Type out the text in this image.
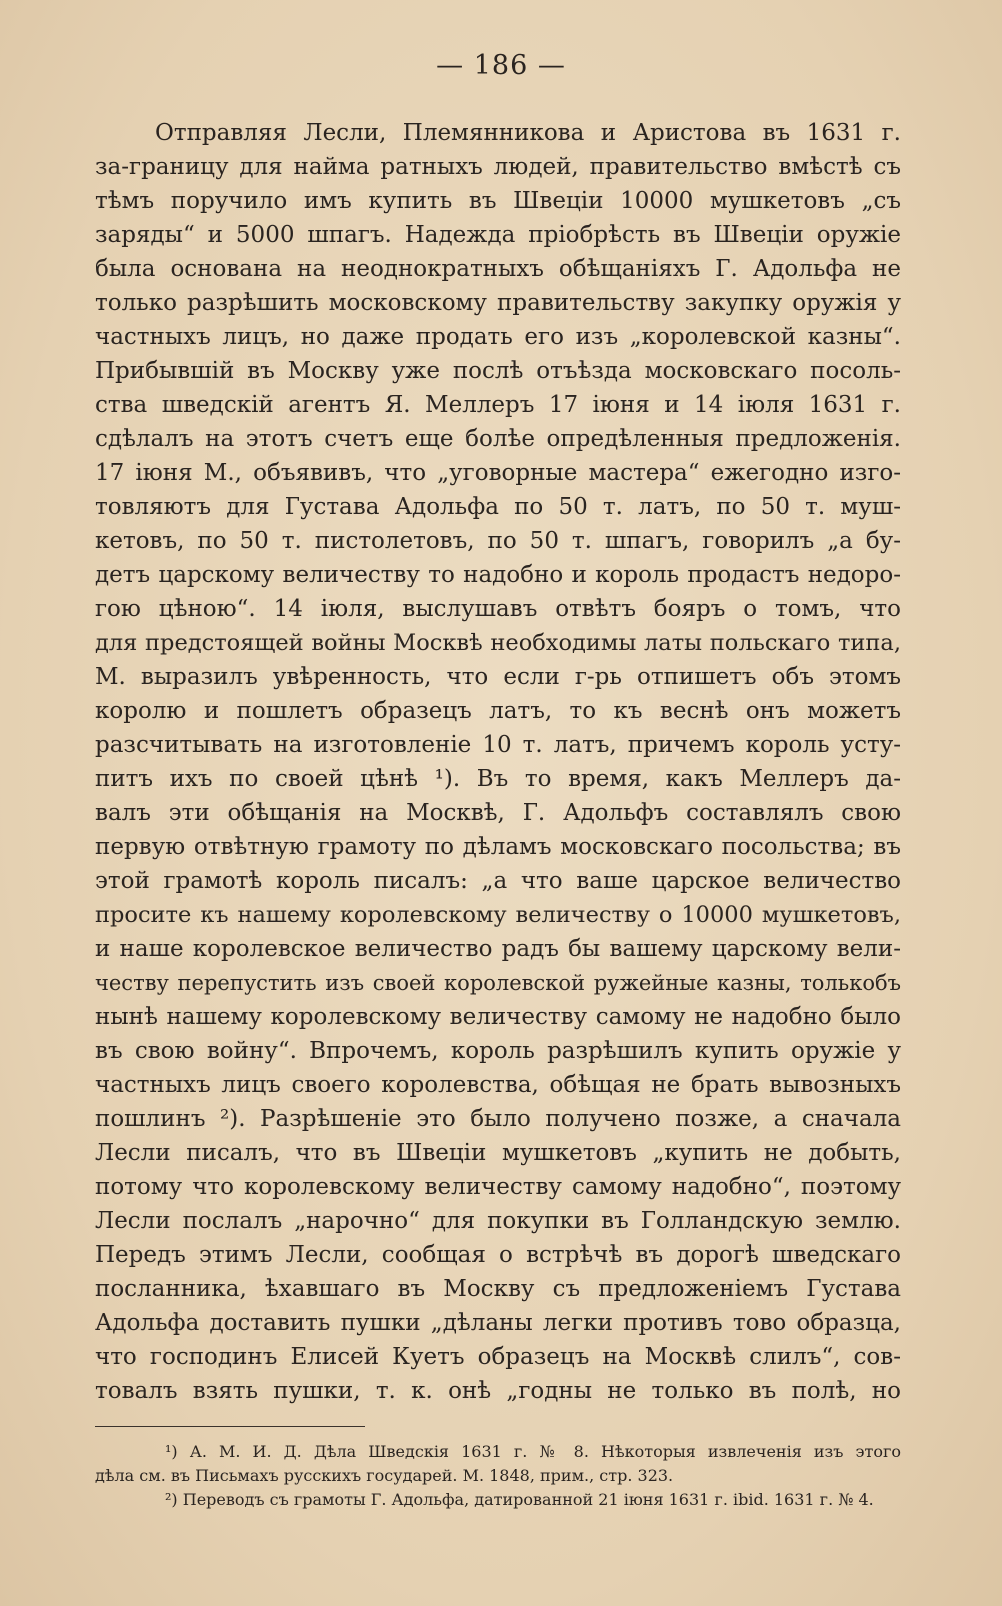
— 186 —
Отправляя Лесли, Племянникова и Аристова въ 1631 г.
за-границу для найма ратныхъ людей, правительство вмѣстѣ съ
тѣмъ поручило имъ купить въ Швеціи 10000 мушкетовъ „съ
заряды“ и 5000 шпагъ. Надежда пріобрѣсть въ Швеціи оружіе
была основана на неоднократныхъ обѣщаніяхъ Г. Адольфа не
только разрѣшить московскому правительству закупку оружія у
частныхъ лицъ, но даже продать его изъ „королевской казны“.
Прибывшій въ Москву уже послѣ отъѣзда московскаго посоль-
ства шведскій агентъ Я. Меллеръ 17 іюня и 14 іюля 1631 г.
сдѣлалъ на этотъ счетъ еще болѣе опредѣленныя предложенія.
17 іюня М., объявивъ, что „уговорные мастера“ ежегодно изго-
товляютъ для Густава Адольфа по 50 т. латъ, по 50 т. муш-
кетовъ, по 50 т. пистолетовъ, по 50 т. шпагъ, говорилъ „а бу-
детъ царскому величеству то надобно и король продастъ недоро-
гою цѣною“. 14 іюля, выслушавъ отвѣтъ бояръ о томъ, что
для предстоящей войны Москвѣ необходимы латы польскаго типа,
М. выразилъ увѣренность, что если г-рь отпишетъ объ этомъ
королю и пошлетъ образецъ латъ, то къ веснѣ онъ можетъ
разсчитывать на изготовленіе 10 т. латъ, причемъ король усту-
питъ ихъ по своей цѣнѣ ¹). Въ то время, какъ Меллеръ да-
валъ эти обѣщанія на Москвѣ, Г. Адольфъ составлялъ свою
первую отвѣтную грамоту по дѣламъ московскаго посольства; въ
этой грамотѣ король писалъ: „а что ваше царское величество
просите къ нашему королевскому величеству о 10000 мушкетовъ,
и наше королевское величество радъ бы вашему царскому вели-
честву перепустить изъ своей королевской ружейные казны, толькобъ
нынѣ нашему королевскому величеству самому не надобно было
въ свою войну“. Впрочемъ, король разрѣшилъ купить оружіе у
частныхъ лицъ своего королевства, обѣщая не брать вывозныхъ
пошлинъ ²). Разрѣшеніе это было получено позже, а сначала
Лесли писалъ, что въ Швеціи мушкетовъ „купить не добыть,
потому что королевскому величеству самому надобно“, поэтому
Лесли послалъ „нарочно“ для покупки въ Голландскую землю.
Передъ этимъ Лесли, сообщая о встрѣчѣ въ дорогѣ шведскаго
посланника, ѣхавшаго въ Москву съ предложеніемъ Густава
Адольфа доставить пушки „дѣланы легки противъ тово образца,
что господинъ Елисей Куетъ образецъ на Москвѣ слилъ“, сов-
товалъ взять пушки, т. к. онѣ „годны не только въ полѣ, но
¹) А. М. И. Д. Дѣла Шведскія 1631 г. № 8. Нѣкоторыя извлеченія изъ этого
дѣла см. въ Письмахъ русскихъ государей. М. 1848, прим., стр. 323.
²) Переводъ съ грамоты Г. Адольфа, датированной 21 іюня 1631 г. ibid. 1631 г. № 4.
